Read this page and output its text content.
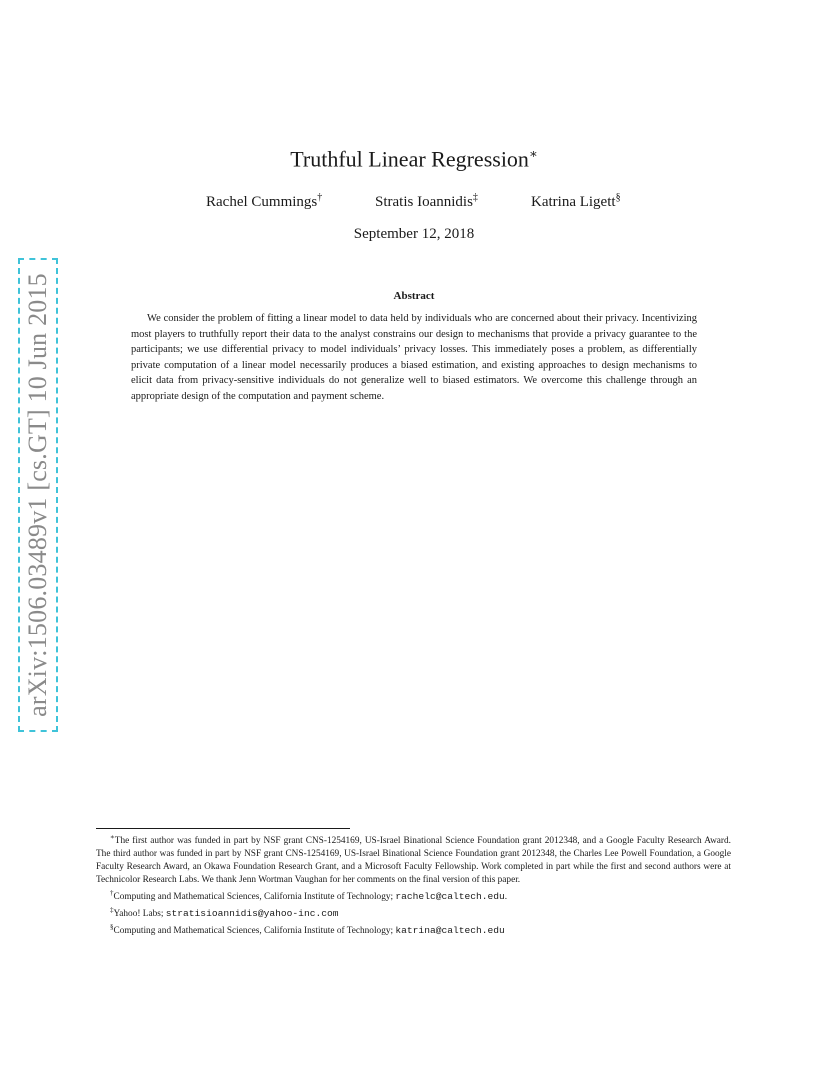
arXiv:1506.03489v1 [cs.GT] 10 Jun 2015
Truthful Linear Regression∗
Rachel Cummings†	Stratis Ioannidis‡	Katrina Ligett§
September 12, 2018
Abstract

We consider the problem of fitting a linear model to data held by individuals who are concerned about their privacy. Incentivizing most players to truthfully report their data to the analyst constrains our design to mechanisms that provide a privacy guarantee to the participants; we use differential privacy to model individuals’ privacy losses. This immediately poses a problem, as differentially private computation of a linear model necessarily produces a biased estimation, and existing approaches to design mechanisms to elicit data from privacy-sensitive individuals do not generalize well to biased estimators. We overcome this challenge through an appropriate design of the computation and payment scheme.

∗The first author was funded in part by NSF grant CNS-1254169, US-Israel Binational Science Foundation grant 2012348, and a Google Faculty Research Award. The third author was funded in part by NSF grant CNS-1254169, US-Israel Binational Science Foundation grant 2012348, the Charles Lee Powell Foundation, a Google Faculty Research Award, an Okawa Foundation Research Grant, and a Microsoft Faculty Fellowship. Work completed in part while the first and second authors were at Technicolor Research Labs. We thank Jenn Wortman Vaughan for her comments on the final version of this paper.

†Computing and Mathematical Sciences, California Institute of Technology; rachelc@caltech.edu.

‡Yahoo! Labs; stratisioannidis@yahoo-inc.com

§Computing and Mathematical Sciences, California Institute of Technology; katrina@caltech.edu
